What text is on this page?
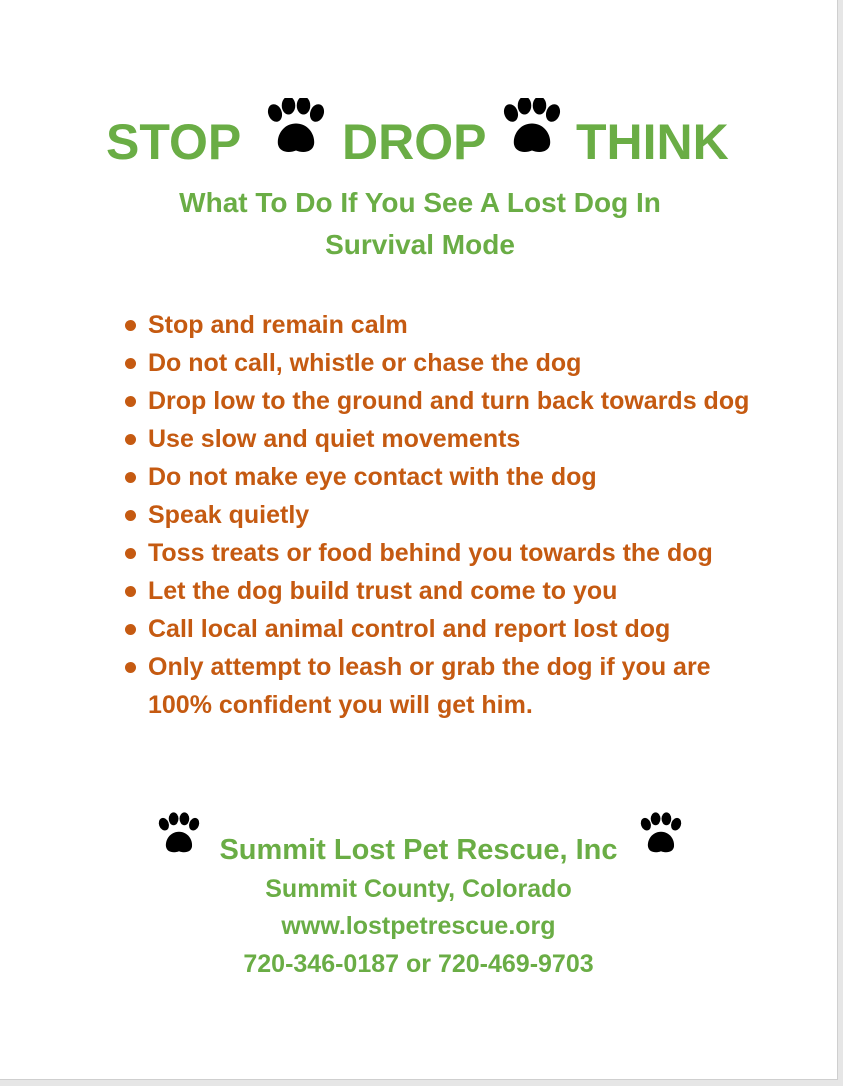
STOP DROP THINK

What To Do If You See A Lost Dog In
Survival Mode

Stop and remain calm
Do not call, whistle or chase the dog
Drop low to the ground and turn back towards dog
Use slow and quiet movements
Do not make eye contact with the dog
Speak quietly
Toss treats or food behind you towards the dog
Let the dog build trust and come to you
Call local animal control and report lost dog
Only attempt to leash or grab the dog if you are 100% confident you will get him.

Summit Lost Pet Rescue, Inc

Summit County, Colorado

www.lostpetrescue.org

720-346-0187 or 720-469-9703
